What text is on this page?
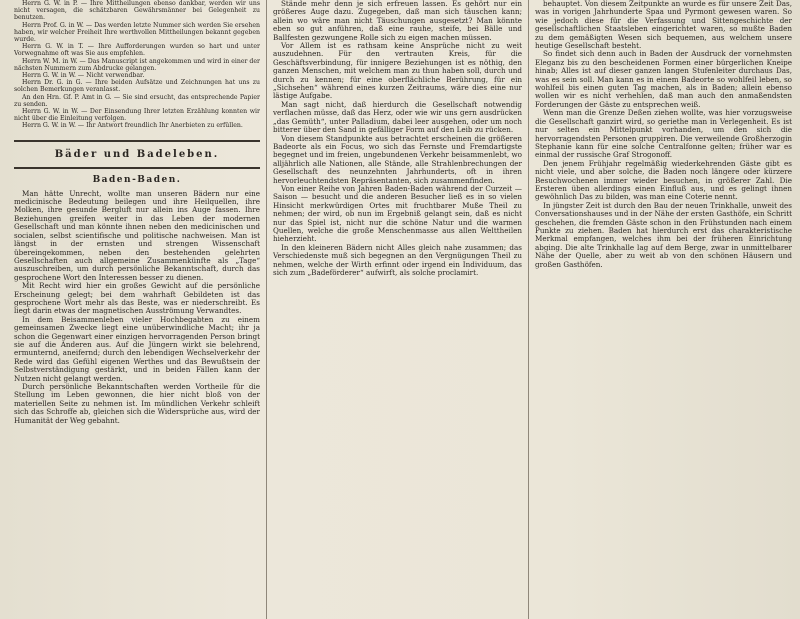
Herrn G. W. in P. — Ihre Mittheilungen ebenso dankbar, werden wir uns nicht versagen, die schätzbaren Gewährsmänner bei Gelegenheit zu benutzen.

Herrn Prof. G. in W. — Das werden letzte Nummer sich werden Sie ersehen haben, wir welcher Freiheit Ihre werthvollen Mittheilungen bekannt gegeben wurde.

Herrn G. W. in T. — Ihre Aufforderungen wurden so hart und unter Vorwegnahme oft was Sie aus empfehlen.

Herrn W. M. in W. — Das Manuscript ist angekommen und wird in einer der nächsten Nummern zum Abdrucke gelangen.

Herrn G. W. in W. — Nicht verwendbar.

Herrn Dr. G. in G. — Ihre beiden Aufsätze und Zeichnungen hat uns zu solchen Bemerkungen veranlasst.

An den Hrn. Gf. P. Amt in G. — Sie sind ersucht, das entsprechende Papier zu senden.

Herrn G. W. in W. — Der Einsendung Ihrer letzten Erzählung konnten wir nicht über die Einleitung verfolgen.

Herrn G. W. in W. — Ihr Antwort freundlich Ihr Anerbieten zu erfüllen.

Bäder und Badeleben.
Baden-Baden.

Man hätte Unrecht, wollte man unseren Bädern nur eine medicinische Bedeutung beilegen und ihre Heilquellen, ihre Molken, ihre gesunde Bergluft nur allein ins Auge fassen. Ihre Beziehungen greifen weiter in das Leben der modernen Gesellschaft und man könnte ihnen neben den medicinischen und socialen, selbst scientifische und politische nachweisen. Man ist längst in der ernsten und strengen Wissenschaft übereingekommen, neben den bestehenden gelehrten Gesellschaften auch allgemeine Zusammenkünfte als „Tage“ auszuschreiben, um durch persönliche Bekanntschaft, durch das gesprochene Wort den Interessen besser zu dienen.

Mit Recht wird hier ein großes Gewicht auf die persönliche Erscheinung gelegt; bei dem wahrhaft Gebildeten ist das gesprochene Wort mehr als das Beste, was er niederschreibt. Es liegt darin etwas der magnetischen Ausströmung Verwandtes.

In dem Beisammenleben vieler Hochbegabten zu einem gemeinsamen Zwecke liegt eine unüberwindliche Macht; ihr ja schon die Gegenwart einer einzigen hervorragenden Person bringt sie auf die Anderen aus. Auf die Jüngern wirkt sie belehrend, ermunternd, aneifernd; durch den lebendigen Wechselverkehr der Rede wird das Gefühl eigenen Werthes und das Bewußtsein der Selbstverständigung gestärkt, und in beiden Fällen kann der Nutzen nicht gelangt werden.

Durch persönliche Bekanntschaften werden Vortheile für die Stellung im Leben gewonnen, die hier nicht bloß von der materiellen Seite zu nehmen ist. Im mündlichen Verkehr schleift sich das Schroffe ab, gleichen sich die Widersprüche aus, wird der Humanität der Weg gebahnt.

Stände mehr denn je sich erfreuen lassen. Es gehört nur ein größeres Auge dazu. Zugegeben, daß man sich täuschen kann; allein wo wäre man nicht Täuschungen ausgesetzt? Man könnte eben so gut anführen, daß eine rauhe, steife, bei Bälle und Ballfesten gezwungene Rolle sich zu eigen machen müssen.

Vor Allem ist es rathsam keine Ansprüche nicht zu weit auszudehnen. Für den vertrauten Kreis, für die Geschäftsverbindung, für innigere Beziehungen ist es nöthig, den ganzen Menschen, mit welchem man zu thun haben soll, durch und durch zu kennen; für eine oberflächliche Berührung, für ein „Sichsehen“ während eines kurzen Zeitraums, wäre dies eine nur lästige Aufgabe.

Man sagt nicht, daß hierdurch die Gesellschaft notwendig verflachen müsse, daß das Herz, oder wie wir uns gern ausdrücken „das Gemüth“, unter Palladium, dabei leer ausgehen, oder um noch bitterer über den Sand in gefälliger Form auf den Leib zu rücken.

Von diesem Standpunkte aus betrachtet erscheinen die größeren Badeorte als ein Focus, wo sich das Fernste und Fremdartigste begegnet und im freien, ungebundenen Verkehr beisammenlebt, wo alljährlich alle Nationen, alle Stände, alle Strahlenbrechungen der Gesellschaft des neunzehnten Jahrhunderts, oft in ihren hervorleuchtendsten Repräsentanten, sich zusammenfinden.

Von einer Reihe von Jahren Baden-Baden während der Curzeit — Saison — besucht und die anderen Besucher ließ es in so vielen Hinsicht merkwürdigen Ortes mit fruchtbarer Muße Theil zu nehmen; der wird, ob nun im Ergebniß gelangt sein, daß es nicht nur das Spiel ist, nicht nur die schöne Natur und die warmen Quellen, welche die große Menschenmasse aus allen Welttheilen hieherzieht.

In den kleineren Bädern nicht Alles gleich nahe zusammen; das Verschiedenste muß sich begegnen an den Vergnügungen Theil zu nehmen, welche der Wirth erfinnt oder irgend ein Individuum, das sich zum „Badeförderer“ aufwirft, als solche proclamirt.

behauptet. Von diesem Zeitpunkte an wurde es für unsere Zeit Das, was in vorigen Jahrhunderte Spaa und Pyrmont gewesen waren. So wie jedoch diese für die Verfassung und Sittengeschichte der gesellschaftlichen Staatsleben eingerichtet waren, so mußte Baden zu dem gemäßigten Wesen sich bequemen, aus welchem unsere heutige Gesellschaft besteht.

So findet sich denn auch in Baden der Ausdruck der vornehmsten Eleganz bis zu den bescheidenen Formen einer bürgerlichen Kneipe hinab; Alles ist auf dieser ganzen langen Stufenleiter durchaus Das, was es sein soll. Man kann es in einem Badeorte so wohlfeil leben, so wohlfeil bis einen guten Tag machen, als in Baden; allein ebenso wollen wir es nicht verhehlen, daß man auch den anmaßendsten Forderungen der Gäste zu entsprechen weiß.

Wenn man die Grenze Deßen ziehen wollte, was hier vorzugsweise die Gesellschaft ganzirt wird, so geriethe man in Verlegenheit. Es ist nur selten ein Mittelpunkt vorhanden, um den sich die hervorragendsten Personen gruppiren. Die verweilende Großherzogin Stephanie kann für eine solche Centralfonne gelten; früher war es einmal der russische Graf Strogonoff.

Den jenem Frühjahr regelmäßig wiederkehrenden Gäste gibt es nicht viele, und aber solche, die Baden noch längere oder kürzere Besuchwochenen immer wieder besuchen, in größerer Zahl. Die Ersteren üben allerdings einen Einfluß aus, und es gelingt ihnen gewöhnlich Das zu bilden, was man eine Coterie nennt.

In jüngster Zeit ist durch den Bau der neuen Trinkhalle, unweit des Conversationshauses und in der Nähe der ersten Gasthöfe, ein Schritt geschehen, die fremden Gäste schon in den Frühstunden nach einem Punkte zu ziehen. Baden hat hierdurch erst das charakteristische Merkmal empfangen, welches ihm bei der früheren Einrichtung abging. Die alte Trinkhalle lag auf dem Berge, zwar in unmittelbarer Nähe der Quelle, aber zu weit ab von den schönen Häusern und großen Gasthöfen.
